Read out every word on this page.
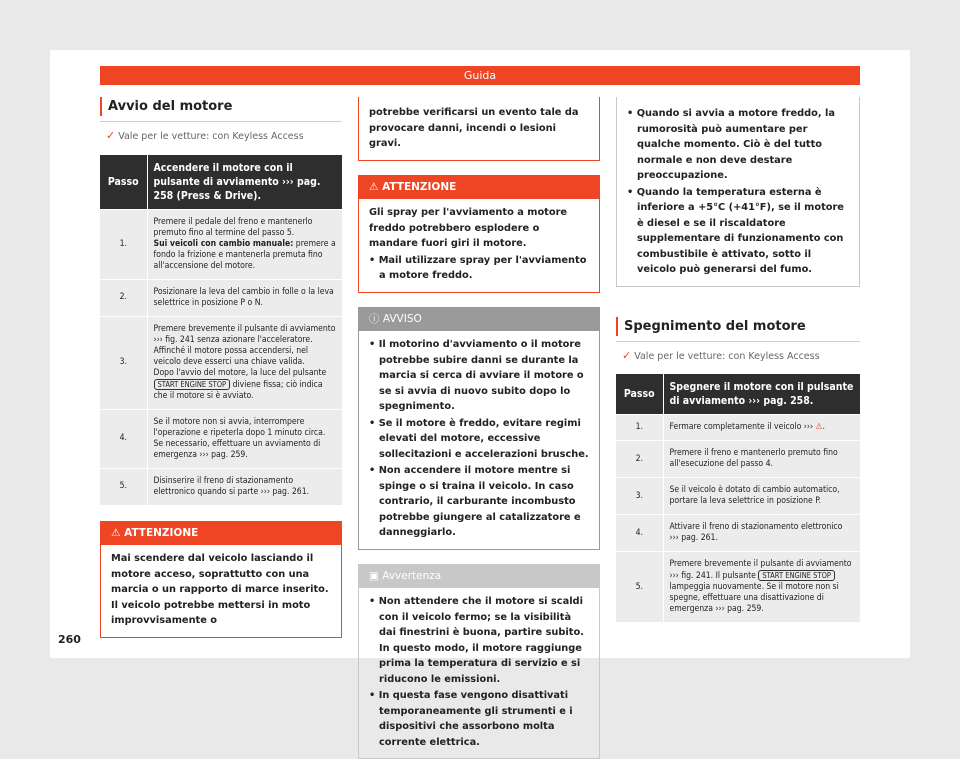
Guida
Avvio del motore
✓ Vale per le vetture: con Keyless Access
Passo	Accendere il motore con il pulsante di avviamento ››› pag. 258 (Press & Drive).
1.	Premere il pedale del freno e mantenerlo premuto fino al termine del passo 5.
Sui veicoli con cambio manuale: premere a fondo la frizione e mantenerla premuta fino all'accensione del motore.
2.	Posizionare la leva del cambio in folle o la leva selettrice in posizione P o N.
3.	Premere brevemente il pulsante di avviamento ››› fig. 241 senza azionare l'acceleratore. Affinché il motore possa accendersi, nel veicolo deve esserci una chiave valida.
Dopo l'avvio del motore, la luce del pulsante START ENGINE STOP diviene fissa; ciò indica che il motore si è avviato.
4.	Se il motore non si avvia, interrompere l'operazione e ripeterla dopo 1 minuto circa. Se necessario, effettuare un avviamento di emergenza ››› pag. 259.
5.	Disinserire il freno di stazionamento elettronico quando si parte ››› pag. 261.
⚠ ATTENZIONE
Mai scendere dal veicolo lasciando il motore acceso, soprattutto con una marcia o un rapporto di marce inserito. Il veicolo potrebbe mettersi in moto improvvisamente o
potrebbe verificarsi un evento tale da provocare danni, incendi o lesioni gravi.
⚠ ATTENZIONE
Gli spray per l'avviamento a motore freddo potrebbero esplodere o mandare fuori giri il motore.
• Mail utilizzare spray per l'avviamento a motore freddo.
ⓘ AVVISO
• Il motorino d'avviamento o il motore potrebbe subire danni se durante la marcia si cerca di avviare il motore o se si avvia di nuovo subito dopo lo spegnimento.
• Se il motore è freddo, evitare regimi elevati del motore, eccessive sollecitazioni e accelerazioni brusche.
• Non accendere il motore mentre si spinge o si traina il veicolo. In caso contrario, il carburante incombusto potrebbe giungere al catalizzatore e danneggiarlo.
▣ Avvertenza
• Non attendere che il motore si scaldi con il veicolo fermo; se la visibilità dai finestrini è buona, partire subito. In questo modo, il motore raggiunge prima la temperatura di servizio e si riducono le emissioni.
• In questa fase vengono disattivati temporaneamente gli strumenti e i dispositivi che assorbono molta corrente elettrica.
• Quando si avvia a motore freddo, la rumorosità può aumentare per qualche momento. Ciò è del tutto normale e non deve destare preoccupazione.
• Quando la temperatura esterna è inferiore a +5°C (+41°F), se il motore è diesel e se il riscaldatore supplementare di funzionamento con combustibile è attivato, sotto il veicolo può generarsi del fumo.
Spegnimento del motore
✓ Vale per le vetture: con Keyless Access
Passo	Spegnere il motore con il pulsante di avviamento ››› pag. 258.
1.	Fermare completamente il veicolo ››› ⚠.
2.	Premere il freno e mantenerlo premuto fino all'esecuzione del passo 4.
3.	Se il veicolo è dotato di cambio automatico, portare la leva selettrice in posizione P.
4.	Attivare il freno di stazionamento elettronico ››› pag. 261.
5.	Premere brevemente il pulsante di avviamento ››› fig. 241. Il pulsante START ENGINE STOP lampeggia nuovamente. Se il motore non si spegne, effettuare una disattivazione di emergenza ››› pag. 259.
260
